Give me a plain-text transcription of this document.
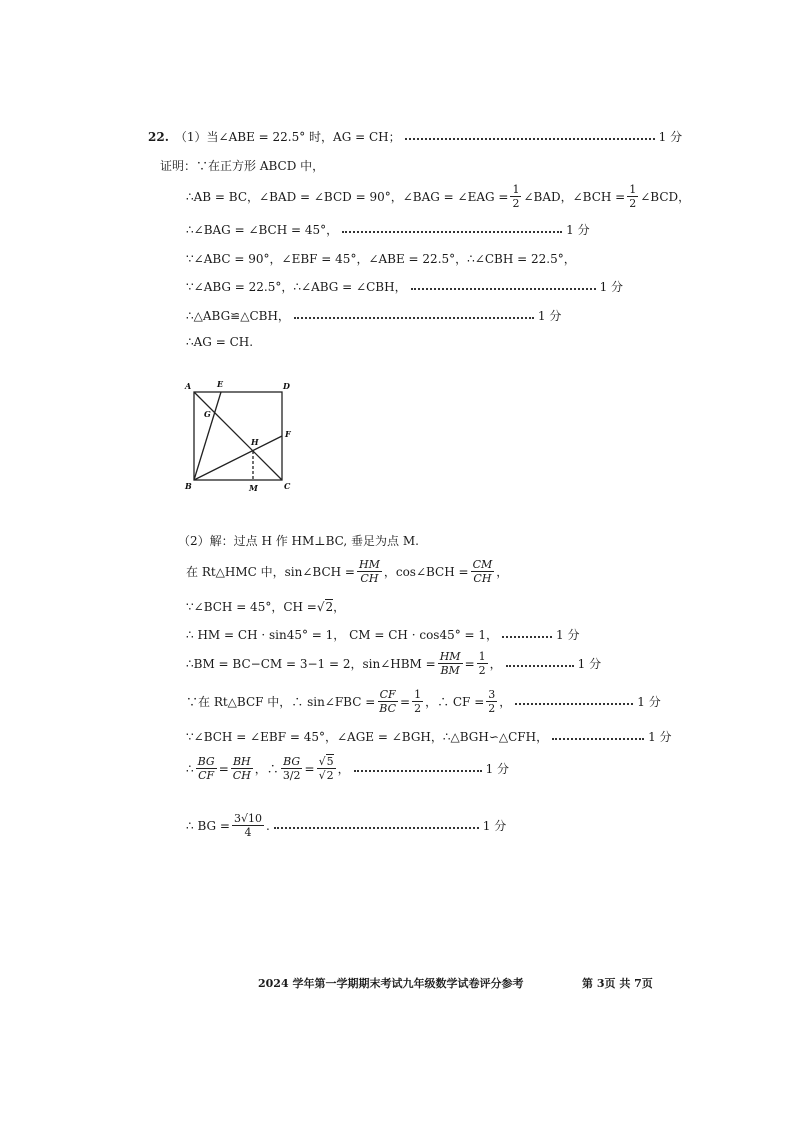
22. （1）当∠ABE = 22.5° 时，AG = CH；	1 分
证明：∵在正方形 ABCD 中，
∴AB = BC，∠BAD = ∠BCD = 90°，∠BAG = ∠EAG = $\frac{1}{2}$ ∠BAD，∠BCH = $\frac{1}{2}$ ∠BCD，
∴∠BAG = ∠BCH = 45°，	1 分
∵∠ABC = 90°，∠EBF = 45°，∠ABE = 22.5°，∴∠CBH = 22.5°，
∵∠ABG = 22.5°，∴∠ABG = ∠CBH，	1 分
∴△ABG≌△CBH，	1 分
∴AG = CH.
A	E	D
G
H
F
B	M	C
（2）解：过点 H 作 HM⊥BC, 垂足为点 M.
在 Rt△HMC 中，sin∠BCH = $\frac{HM}{CH}$ ，cos∠BCH = $\frac{CM}{CH}$ ，
∵∠BCH = 45°，CH = √2 ，
∴ HM = CH · sin45° = 1， CM = CH · cos45° = 1，	1 分
∴BM = BC−CM = 3−1 = 2，sin∠HBM = $\frac{HM}{BM} = \frac{1}{2}$ ，	1 分
∵在 Rt△BCF 中，∴ sin∠FBC = $\frac{CF}{BC} = \frac{1}{2}$ ，∴ CF = $\frac{3}{2}$ ，	1 分
∵∠BCH = ∠EBF = 45°，∠AGE = ∠BGH，∴△BGH∽△CFH，	1 分
∴ $\frac{BG}{CF} = \frac{BH}{CH}$ ，∴ $\frac{BG}{3/2} = \frac{√5}{√2}$ ，	1 分
∴ BG = $\frac{3√10}{4}$ .	1 分
2024 学年第一学期期末考试九年级数学试卷评分参考	第 3页 共 7页
